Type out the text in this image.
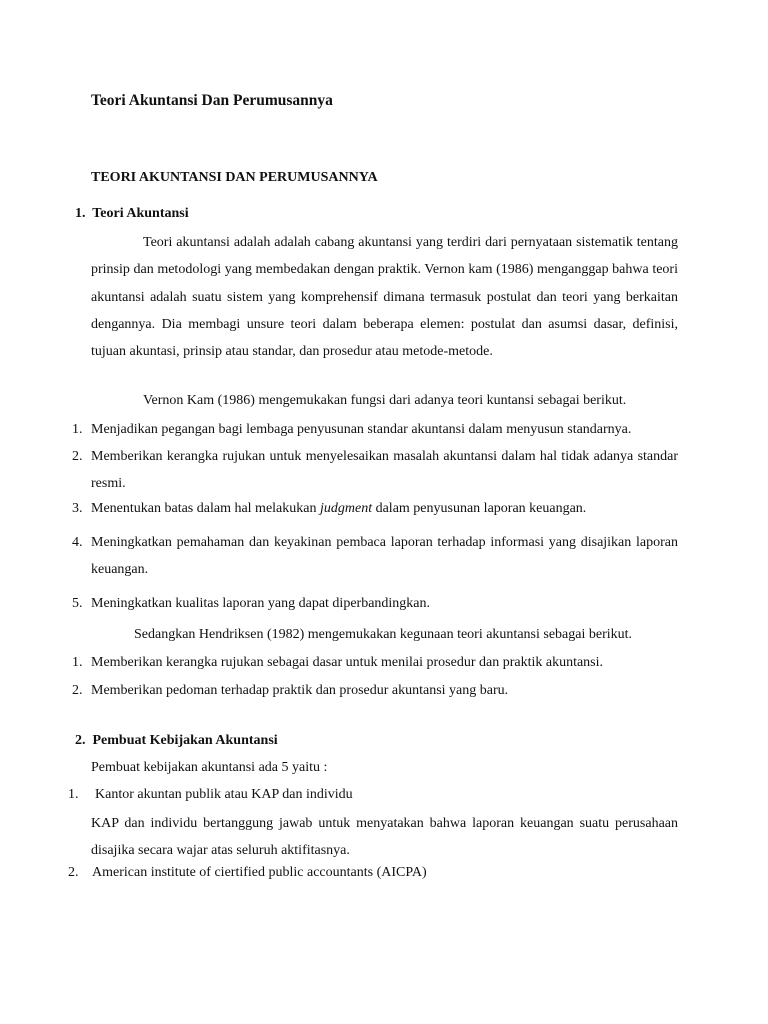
Teori Akuntansi Dan Perumusannya
TEORI AKUNTANSI DAN PERUMUSANNYA
1. Teori Akuntansi
Teori akuntansi adalah adalah cabang akuntansi yang terdiri dari pernyataan sistematik tentang prinsip dan metodologi yang membedakan dengan praktik. Vernon kam (1986) menganggap bahwa teori akuntansi adalah suatu sistem yang komprehensif dimana termasuk postulat dan teori yang berkaitan dengannya. Dia membagi unsure teori dalam beberapa elemen: postulat dan asumsi dasar, definisi, tujuan akuntasi, prinsip atau standar, dan prosedur atau metode-metode.
Vernon Kam (1986) mengemukakan fungsi dari adanya teori kuntansi sebagai berikut.
1. Menjadikan pegangan bagi lembaga penyusunan standar akuntansi dalam menyusun standarnya.
2. Memberikan kerangka rujukan untuk menyelesaikan masalah akuntansi dalam hal tidak adanya standar resmi.
3. Menentukan batas dalam hal melakukan judgment dalam penyusunan laporan keuangan.
4. Meningkatkan pemahaman dan keyakinan pembaca laporan terhadap informasi yang disajikan laporan keuangan.
5. Meningkatkan kualitas laporan yang dapat diperbandingkan.
Sedangkan Hendriksen (1982) mengemukakan kegunaan teori akuntansi sebagai berikut.
1. Memberikan kerangka rujukan sebagai dasar untuk menilai prosedur dan praktik akuntansi.
2. Memberikan pedoman terhadap praktik dan prosedur akuntansi yang baru.
2. Pembuat Kebijakan Akuntansi
Pembuat kebijakan akuntansi ada 5 yaitu :
1. Kantor akuntan publik atau KAP dan individu
KAP dan individu bertanggung jawab untuk menyatakan bahwa laporan keuangan suatu perusahaan disajika secara wajar atas seluruh aktifitasnya.
2. American institute of ciertified public accountants (AICPA)
